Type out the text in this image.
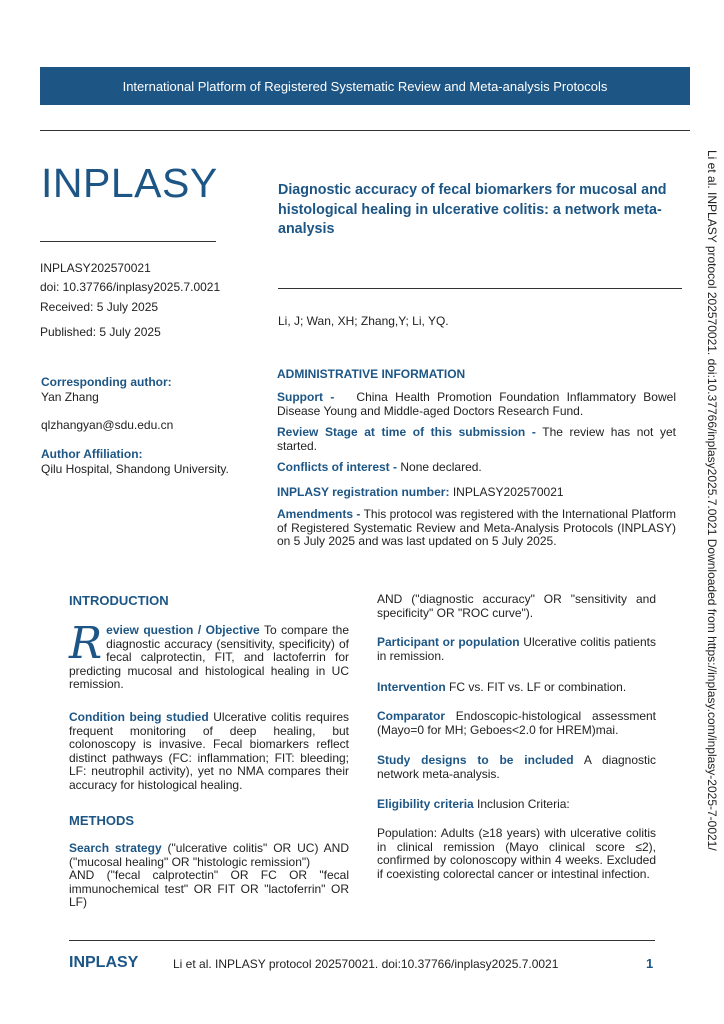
International Platform of Registered Systematic Review and Meta-analysis Protocols
INPLASY	Diagnostic accuracy of fecal biomarkers for mucosal and histological healing in ulcerative colitis: a network meta-analysis
INPLASY202570021
doi: 10.37766/inplasy2025.7.0021
Received: 5 July 2025
Published: 5 July 2025
Li, J; Wan, XH; Zhang,Y; Li, YQ.
Corresponding author:
Yan Zhang
qlzhangyan@sdu.edu.cn
Author Affiliation:
Qilu Hospital, Shandong University.
ADMINISTRATIVE INFORMATION
Support - China Health Promotion Foundation Inflammatory Bowel Disease Young and Middle-aged Doctors Research Fund.
Review Stage at time of this submission - The review has not yet started.
Conflicts of interest - None declared.
INPLASY registration number: INPLASY202570021
Amendments - This protocol was registered with the International Platform of Registered Systematic Review and Meta-Analysis Protocols (INPLASY) on 5 July 2025 and was last updated on 5 July 2025.
INTRODUCTION
R eview question / Objective To compare the diagnostic accuracy (sensitivity, specificity) of fecal calprotectin, FIT, and lactoferrin for predicting mucosal and histological healing in UC remission.
Condition being studied Ulcerative colitis requires frequent monitoring of deep healing, but colonoscopy is invasive. Fecal biomarkers reflect distinct pathways (FC: inflammation; FIT: bleeding; LF: neutrophil activity), yet no NMA compares their accuracy for histological healing.
METHODS
Search strategy ("ulcerative colitis" OR UC) AND ("mucosal healing" OR "histologic remission")
AND ("fecal calprotectin" OR FC OR "fecal immunochemical test" OR FIT OR "lactoferrin" OR LF)
AND ("diagnostic accuracy" OR "sensitivity and specificity" OR "ROC curve").
Participant or population Ulcerative colitis patients in remission.
Intervention FC vs. FIT vs. LF or combination.
Comparator Endoscopic-histological assessment (Mayo=0 for MH; Geboes<2.0 for HREM)mai.
Study designs to be included A diagnostic network meta-analysis.
Eligibility criteria Inclusion Criteria:
Population: Adults (≥18 years) with ulcerative colitis in clinical remission (Mayo clinical score ≤2), confirmed by colonoscopy within 4 weeks. Excluded if coexisting colorectal cancer or intestinal infection.
Li et al. INPLASY protocol 202570021. doi:10.37766/inplasy2025.7.0021 Downloaded from https://inplasy.com/inplasy-2025-7-0021/
INPLASY	Li et al. INPLASY protocol 202570021. doi:10.37766/inplasy2025.7.0021	1
